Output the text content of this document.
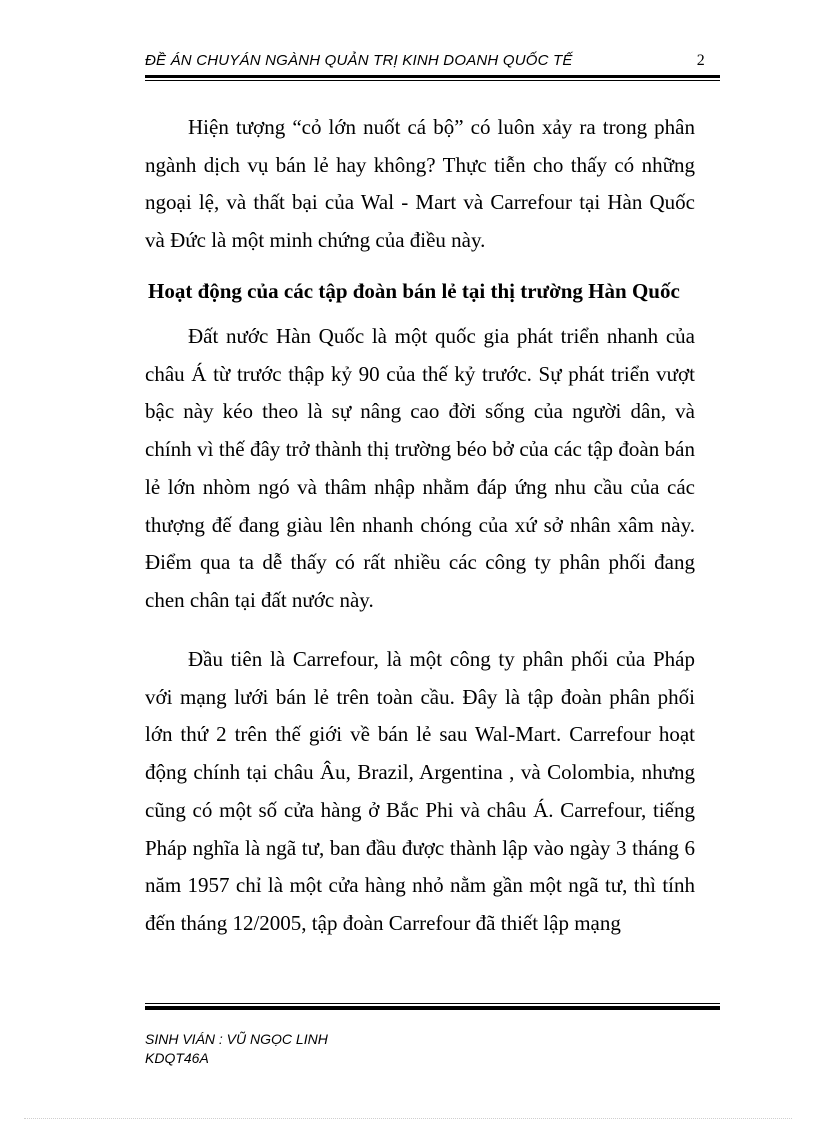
ĐỀ ÁN CHUYÁN NGÀNH QUẢN TRỊ KINH DOANH QUỐC TẾ	2

Hiện tượng “cỏ lớn nuốt cá bộ” có luôn xảy ra trong phân ngành dịch vụ bán lẻ hay không? Thực tiễn cho thấy có những ngoại lệ, và thất bại của Wal - Mart và Carrefour tại Hàn Quốc và Đức là một minh chứng của điều này.

Hoạt động của các tập đoàn bán lẻ tại thị trường Hàn Quốc

Đất nước Hàn Quốc là một quốc gia phát triển nhanh của châu Á từ trước thập kỷ 90 của thế kỷ trước. Sự phát triển vượt bậc này kéo theo là sự nâng cao đời sống của người dân, và chính vì thế đây trở thành thị trường béo bở của các tập đoàn bán lẻ lớn nhòm ngó và thâm nhập nhằm đáp ứng nhu cầu của các thượng đế đang giàu lên nhanh chóng của xứ sở nhân xâm này. Điểm qua ta dễ thấy có rất nhiều các công ty phân phối đang chen chân tại đất nước này.

Đầu tiên là Carrefour, là một công ty phân phối của Pháp với mạng lưới bán lẻ trên toàn cầu. Đây là tập đoàn phân phối lớn thứ 2 trên thế giới về bán lẻ sau Wal-Mart. Carrefour hoạt động chính tại châu Âu, Brazil, Argentina , và Colombia, nhưng cũng có một số cửa hàng ở Bắc Phi và châu Á. Carrefour, tiếng Pháp nghĩa là ngã tư, ban đầu được thành lập vào ngày 3 tháng 6 năm 1957 chỉ là một cửa hàng nhỏ nằm gần một ngã tư, thì tính đến tháng 12/2005, tập đoàn Carrefour đã thiết lập mạng

SINH VIÁN : VŨ NGỌC LINH
KDQT46A
